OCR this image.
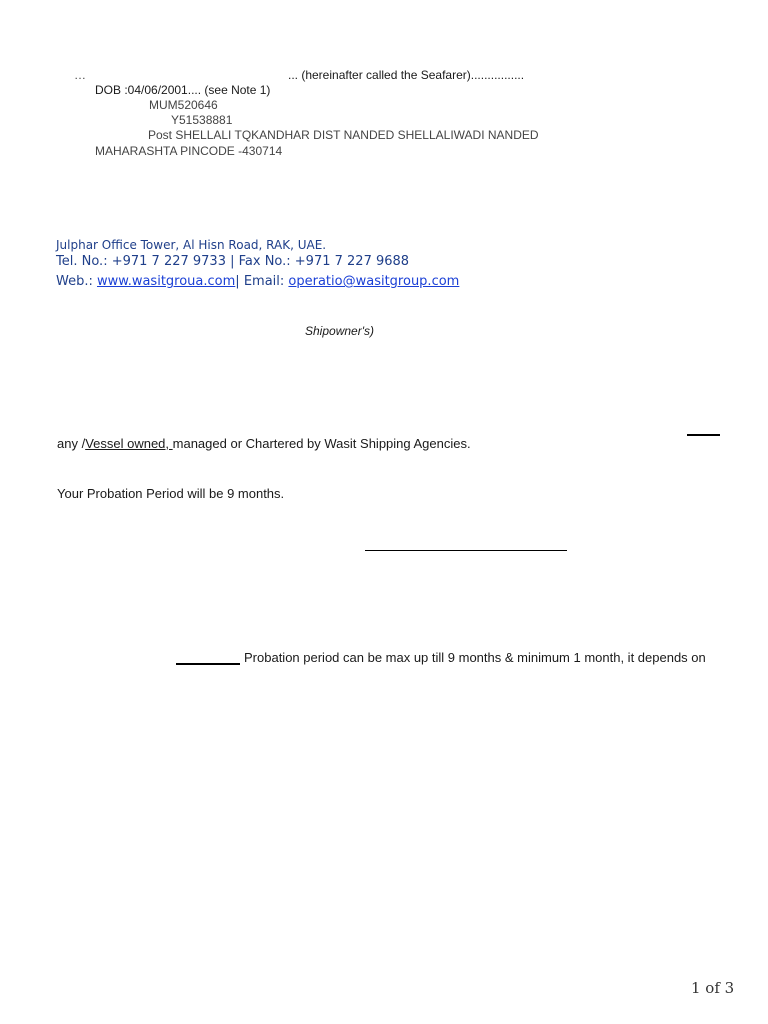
…	... (hereinafter called the Seafarer)................
DOB :04/06/2001.... (see Note 1)
MUM520646
Y51538881
Post SHELLALI TQKANDHAR DIST NANDED SHELLALIWADI NANDED
MAHARASHTA PINCODE -430714
Julphar Office Tower, Al Hisn Road, RAK, UAE.
Tel. No.: +971 7 227 9733 | Fax No.: +971 7 227 9688
Web.: www.wasitgroua.com| Email: operatio@wasitgroup.com
Shipowner's)
any /Vessel owned, managed or Chartered by Wasit Shipping Agencies.
Your Probation Period will be 9 months.
Probation period can be max up till 9 months & minimum 1 month, it depends on
1 of 3
